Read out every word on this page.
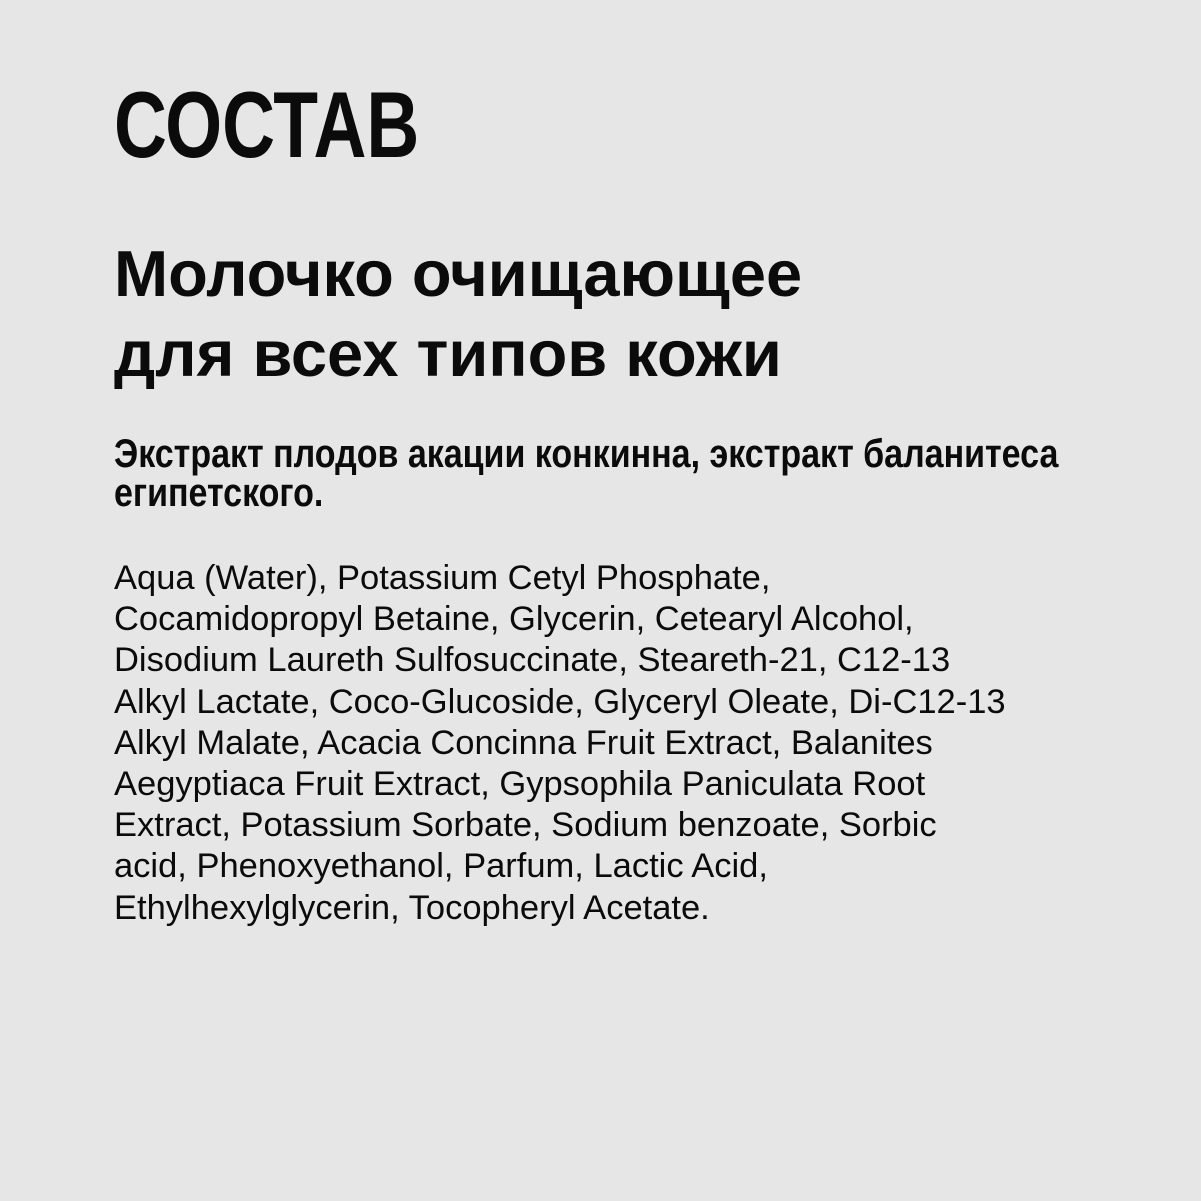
СОСТАВ
Молочко очищающее
для всех типов кожи

Экстракт плодов акации конкинна, экстракт баланитеса
египетского.

Aqua (Water), Potassium Cetyl Phosphate,
Cocamidopropyl Betaine, Glycerin, Cetearyl Alcohol,
Disodium Laureth Sulfosuccinate, Steareth-21, C12-13
Alkyl Lactate, Coco-Glucoside, Glyceryl Oleate, Di-C12-13
Alkyl Malate, Acacia Concinna Fruit Extract, Balanites
Aegyptiaca Fruit Extract, Gypsophila Paniculata Root
Extract, Potassium Sorbate, Sodium benzoate, Sorbic
acid, Phenoxyethanol, Parfum, Lactic Acid,
Ethylhexylglycerin, Tocopheryl Acetate.
